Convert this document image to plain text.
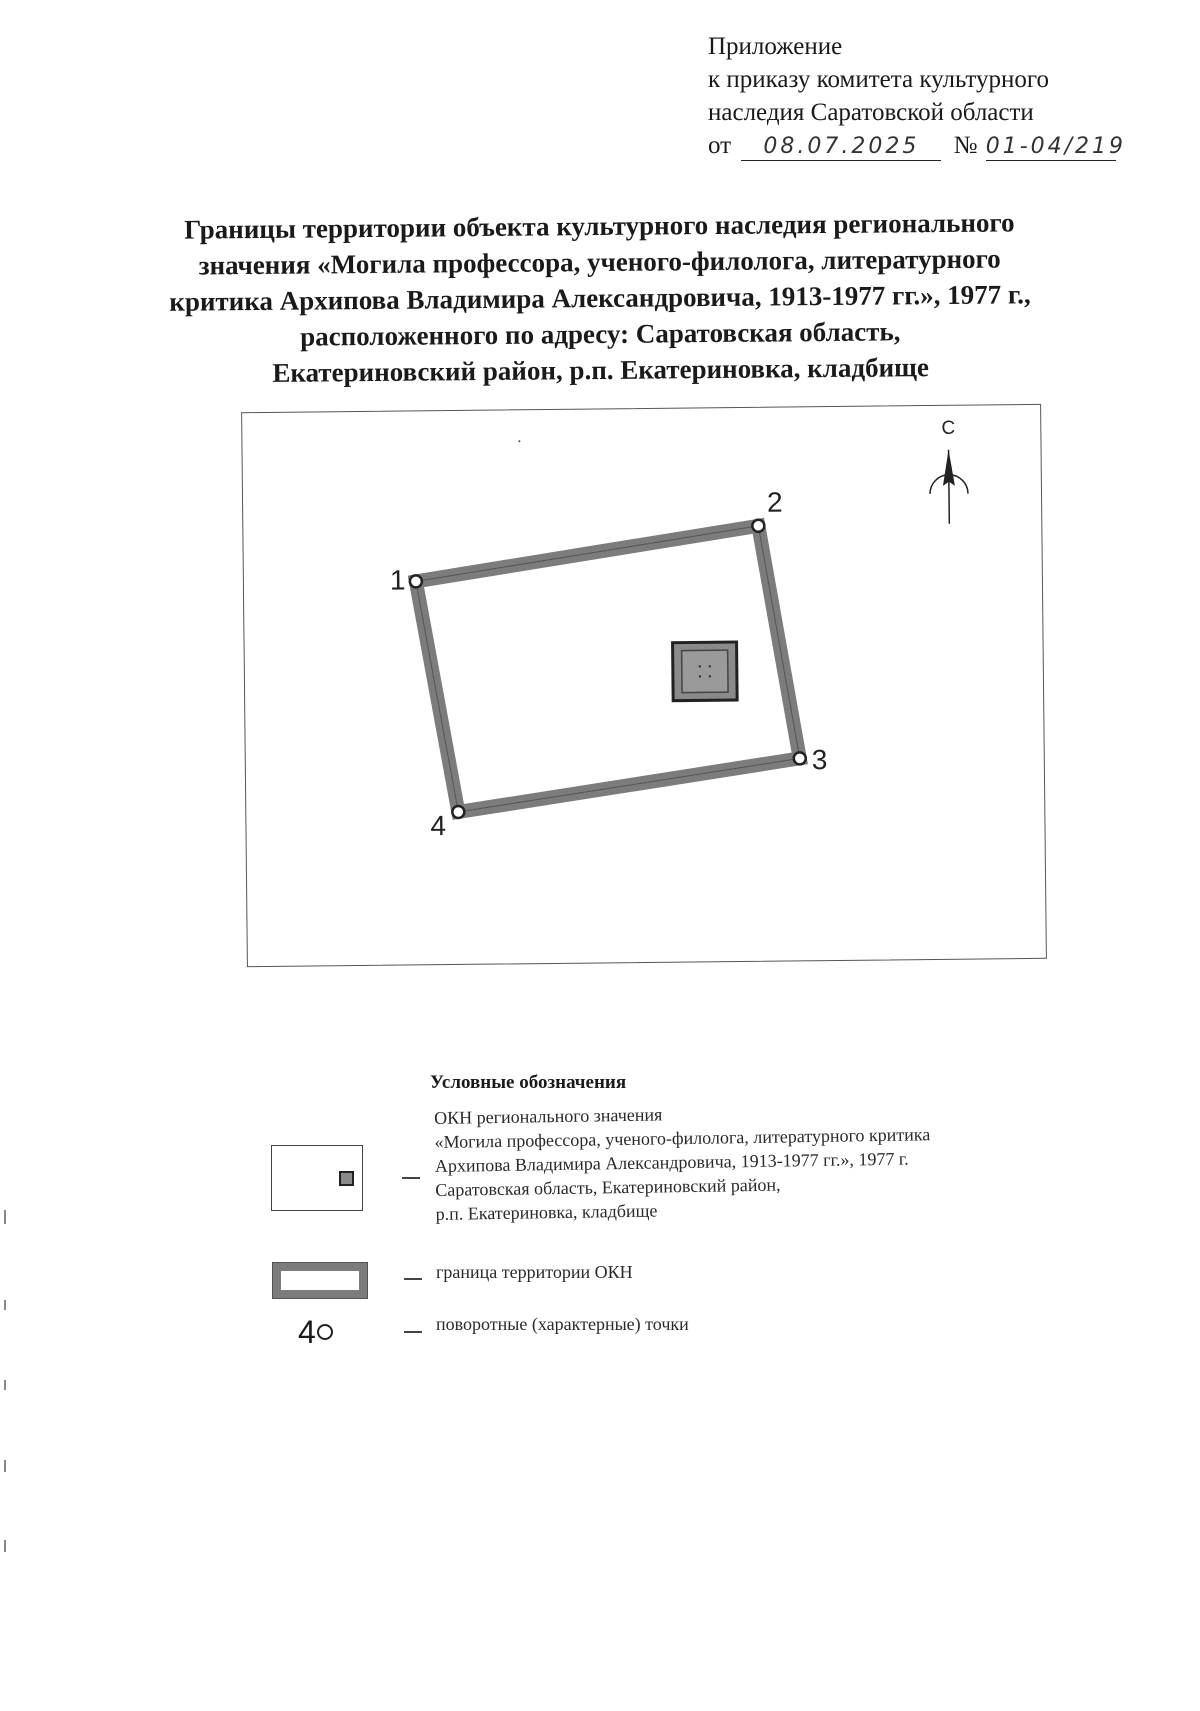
Приложение
к приказу комитета культурного
наследия Саратовской области
от 08.07.2025 № 01-04/219
Границы территории объекта культурного наследия регионального
значения «Могила профессора, ученого-филолога, литературного
критика Архипова Владимира Александровича, 1913-1977 гг.», 1977 г.,
расположенного по адресу: Саратовская область,
Екатериновский район, р.п. Екатериновка, кладбище
С
1
2
3
4
Условные обозначения
ОКН регионального значения
«Могила профессора, ученого-филолога, литературного критика
Архипова Владимира Александровича, 1913-1977 гг.», 1977 г.
Саратовская область, Екатериновский район,
р.п. Екатериновка, кладбище
граница территории ОКН
4	поворотные (характерные) точки
